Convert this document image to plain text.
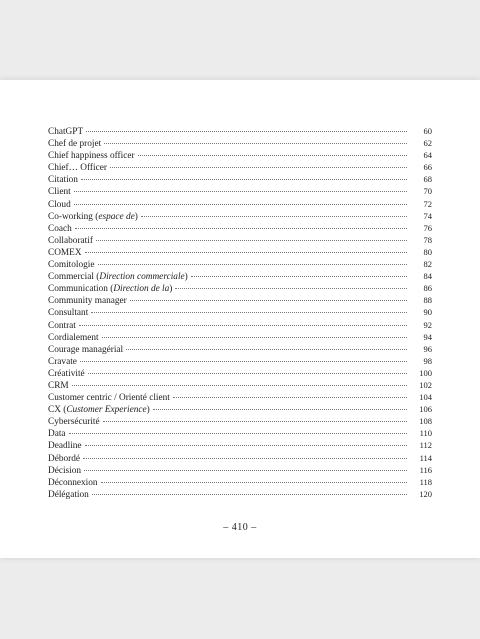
ChatGPT	60
Chef de projet	62
Chief happiness officer	64
Chief… Officer	66
Citation	68
Client	70
Cloud	72
Co-working (espace de)	74
Coach	76
Collaboratif	78
COMEX	80
Comitologie	82
Commercial (Direction commerciale)	84
Communication (Direction de la)	86
Community manager	88
Consultant	90
Contrat	92
Cordialement	94
Courage managérial	96
Cravate	98
Créativité	100
CRM	102
Customer centric / Orienté client	104
CX (Customer Experience)	106
Cybersécurité	108
Data	110
Deadline	112
Débordé	114
Décision	116
Déconnexion	118
Délégation	120
– 410 –
